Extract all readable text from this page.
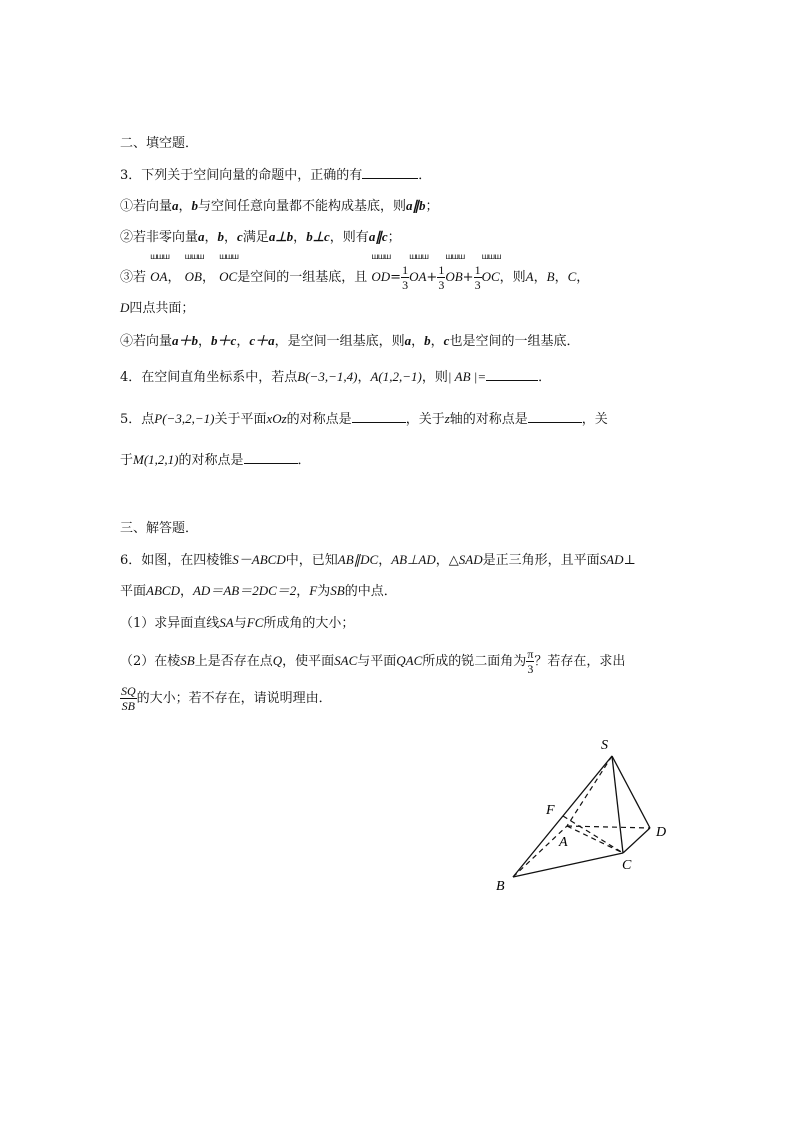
二、填空题．
3．下列关于空间向量的命题中，正确的有	．
①若向量a，b与空间任意向量都不能构成基底，则a∥b；
②若非零向量a，b，c满足a⊥b，b⊥c，则有a∥c；
③若
ꟺꟺꟺ
OA，
ꟺꟺꟺ
OB，
ꟺꟺꟺ
OC是空间的一组基底，且
ꟺꟺꟺ
$OD= \frac{1}{3}$
ꟺꟺꟺ
$OA+ \frac{1}{3}$
ꟺꟺꟺ
$OB+ \frac{1}{3}$
ꟺꟺꟺ
OC，则A，B，C，
D四点共面；
④若向量a＋b，b＋c，c＋a，是空间一组基底，则a，b，c也是空间的一组基底．
4．在空间直角坐标系中，若点B(−3,−1,4)，A(1,2,−1)，则| AB |=	．
5．点P(−3,2,−1)关于平面xOz的对称点是	，关于z轴的对称点是	，关
于M(1,2,1)的对称点是	．
三、解答题．
6．如图，在四棱锥S－ABCD中，已知AB∥DC，AB⊥AD，△SAD是正三角形，且平面SAD⊥
平面ABCD，AD＝AB＝2DC＝2，F为SB的中点．
（1）求异面直线SA与FC所成角的大小；
（2）在棱SB上是否存在点Q，使平面SAC与平面QAC所成的锐二面角为 $\frac{\pi}{3}$ ？若存在，求出
$\frac{SQ}{SB}$ 的大小；若不存在，请说明理由．
S
F
A
D
C
B
